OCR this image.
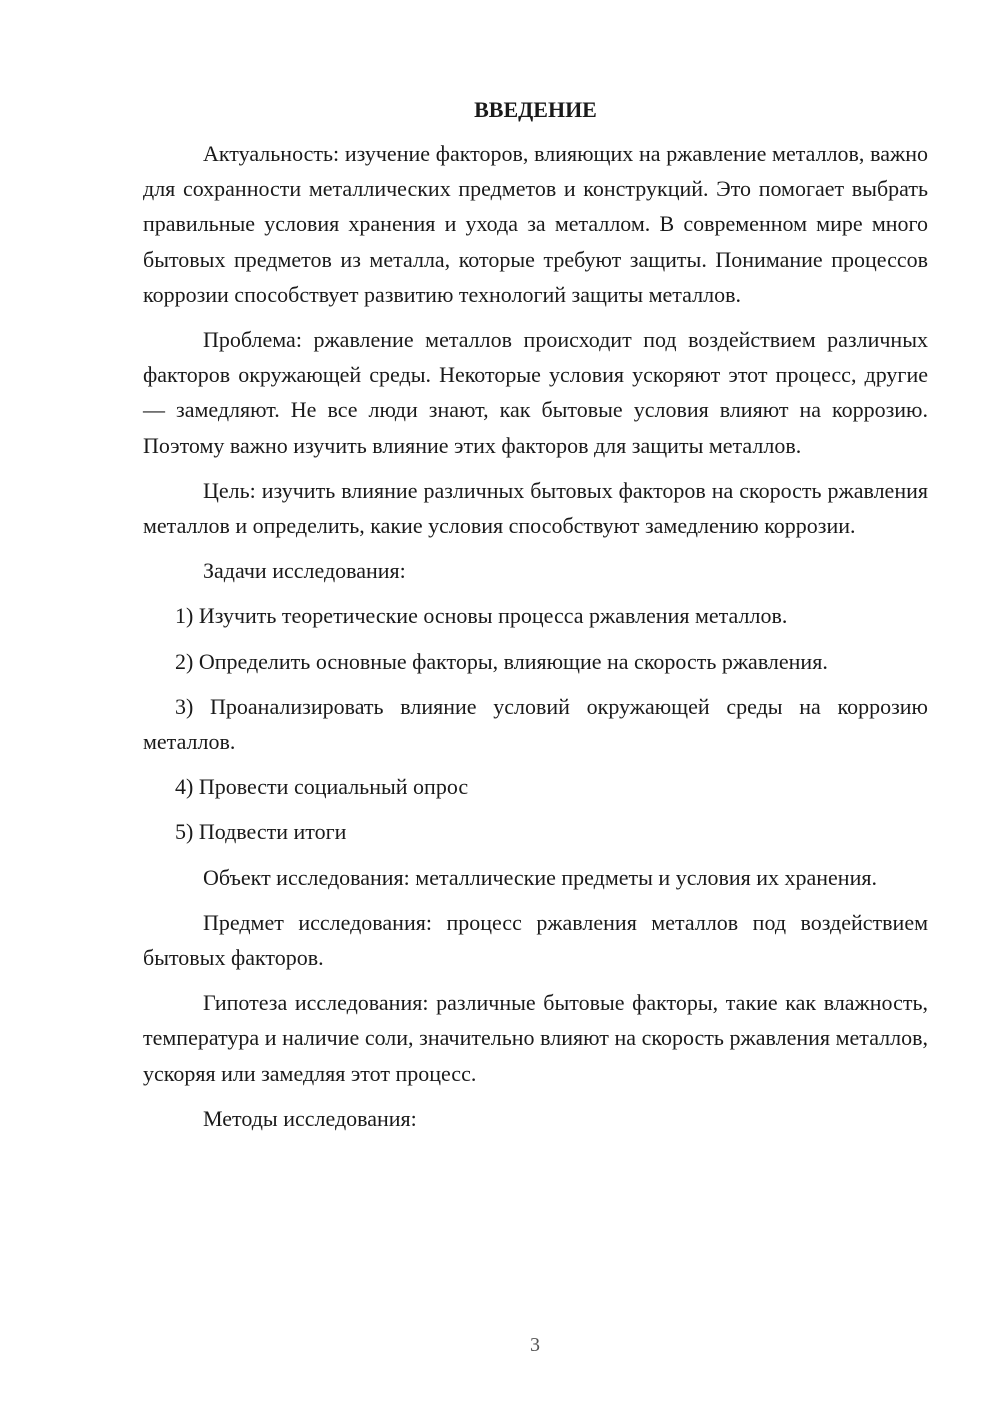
ВВЕДЕНИЕ

Актуальность: изучение факторов, влияющих на ржавление металлов, важно для сохранности металлических предметов и конструкций. Это помогает выбрать правильные условия хранения и ухода за металлом. В современном мире много бытовых предметов из металла, которые требуют защиты. Понимание процессов коррозии способствует развитию технологий защиты металлов.

Проблема: ржавление металлов происходит под воздействием различных факторов окружающей среды. Некоторые условия ускоряют этот процесс, другие — замедляют. Не все люди знают, как бытовые условия влияют на коррозию. Поэтому важно изучить влияние этих факторов для защиты металлов.

Цель: изучить влияние различных бытовых факторов на скорость ржавления металлов и определить, какие условия способствуют замедлению коррозии.

Задачи исследования:

1) Изучить теоретические основы процесса ржавления металлов.

2) Определить основные факторы, влияющие на скорость ржавления.

3) Проанализировать влияние условий окружающей среды на коррозию металлов.

4) Провести социальный опрос

5) Подвести итоги

Объект исследования: металлические предметы и условия их хранения.

Предмет исследования: процесс ржавления металлов под воздействием бытовых факторов.

Гипотеза исследования: различные бытовые факторы, такие как влажность, температура и наличие соли, значительно влияют на скорость ржавления металлов, ускоряя или замедляя этот процесс.

Методы исследования:

3
